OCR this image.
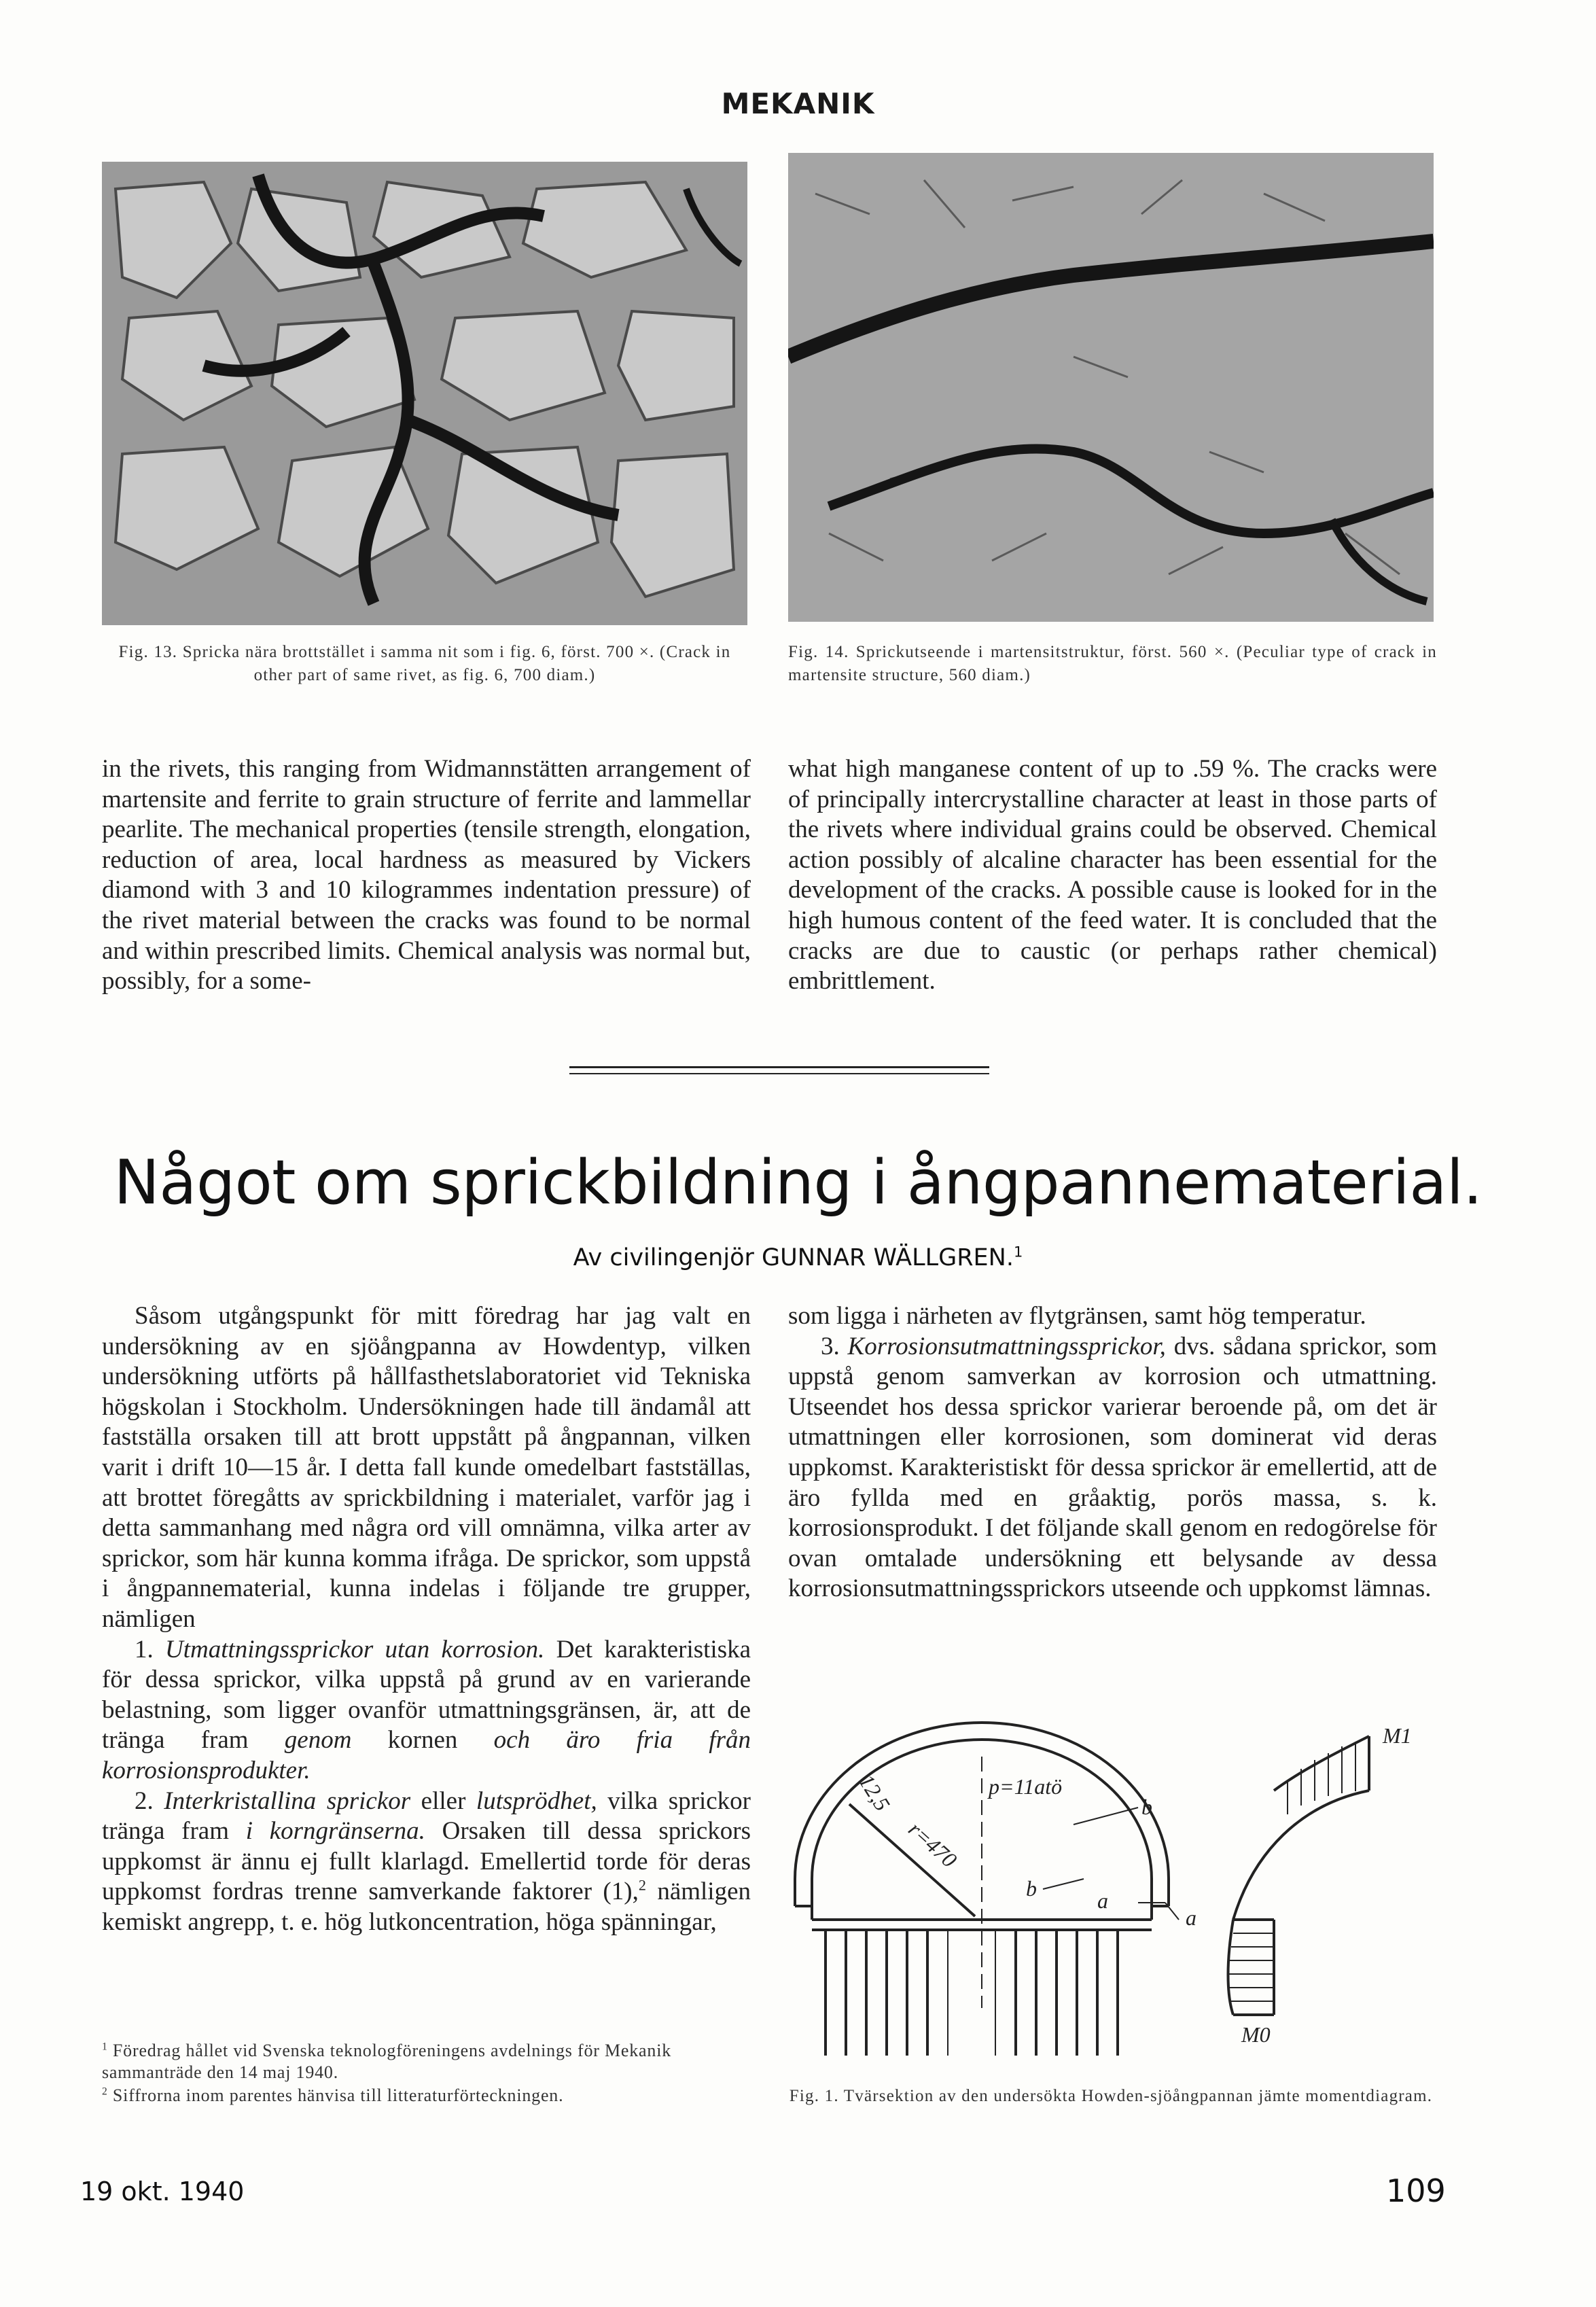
MEKANIK
Fig. 13. Spricka nära brottstället i samma nit som i fig. 6, först. 700 ×. (Crack in other part of same rivet, as fig. 6, 700 diam.)
Fig. 14. Sprickutseende i martensitstruktur, först. 560 ×. (Peculiar type of crack in martensite structure, 560 diam.)
in the rivets, this ranging from Widmannstätten arrangement of martensite and ferrite to grain structure of ferrite and lammellar pearlite. The mechanical properties (tensile strength, elongation, reduction of area, local hardness as measured by Vickers diamond with 3 and 10 kilogrammes indentation pressure) of the rivet material between the cracks was found to be normal and within prescribed limits. Chemical analysis was normal but, possibly, for a some-
what high manganese content of up to .59 %. The cracks were of principally intercrystalline character at least in those parts of the rivets where individual grains could be observed. Chemical action possibly of alcaline character has been essential for the development of the cracks. A possible cause is looked for in the high humous content of the feed water. It is concluded that the cracks are due to caustic (or perhaps rather chemical) embrittlement.
Något om sprickbildning i ångpannematerial.
Av civilingenjör GUNNAR WÄLLGREN.$^1$

Såsom utgångspunkt för mitt föredrag har jag valt en undersökning av en sjöångpanna av Howdentyp, vilken undersökning utförts på hållfasthetslaboratoriet vid Tekniska högskolan i Stockholm. Undersökningen hade till ändamål att fastställa orsaken till att brott uppstått på ångpannan, vilken varit i drift 10—15 år. I detta fall kunde omedelbart fastställas, att brottet föregåtts av sprickbildning i materialet, varför jag i detta sammanhang med några ord vill omnämna, vilka arter av sprickor, som här kunna komma ifråga. De sprickor, som uppstå i ångpannematerial, kunna indelas i följande tre grupper, nämligen

1. Utmattningssprickor utan korrosion. Det karakteristiska för dessa sprickor, vilka uppstå på grund av en varierande belastning, som ligger ovanför utmattningsgränsen, är, att de tränga fram genom kornen och äro fria från korrosionsprodukter.

2. Interkristallina sprickor eller lutsprödhet, vilka sprickor tränga fram i korngränserna. Orsaken till dessa sprickors uppkomst är ännu ej fullt klarlagd. Emellertid torde för deras uppkomst fordras trenne samverkande faktorer (1),$^2$ nämligen kemiskt angrepp, t. e. hög lutkoncentration, höga spänningar,

som ligga i närheten av flytgränsen, samt hög temperatur.

3. Korrosionsutmattningssprickor, dvs. sådana sprickor, som uppstå genom samverkan av korrosion och utmattning. Utseendet hos dessa sprickor varierar beroende på, om det är utmattningen eller korrosionen, som dominerat vid deras uppkomst. Karakteristiskt för dessa sprickor är emellertid, att de äro fyllda med en gråaktig, porös massa, s. k. korrosionsprodukt. I det följande skall genom en redogörelse för ovan omtalade undersökning ett belysande av dessa korrosionsutmattningssprickors utseende och uppkomst lämnas.

12,5
r=470
p=11atö
b
b	a
a
M1
M0
Fig. 1. Tvärsektion av den undersökta Howden-sjöångpannan jämte momentdiagram.

$^1$ Föredrag hållet vid Svenska teknologföreningens avdelnings för Mekanik sammanträde den 14 maj 1940.

$^2$ Siffrorna inom parentes hänvisa till litteraturförteckningen.

19 okt. 1940	109
